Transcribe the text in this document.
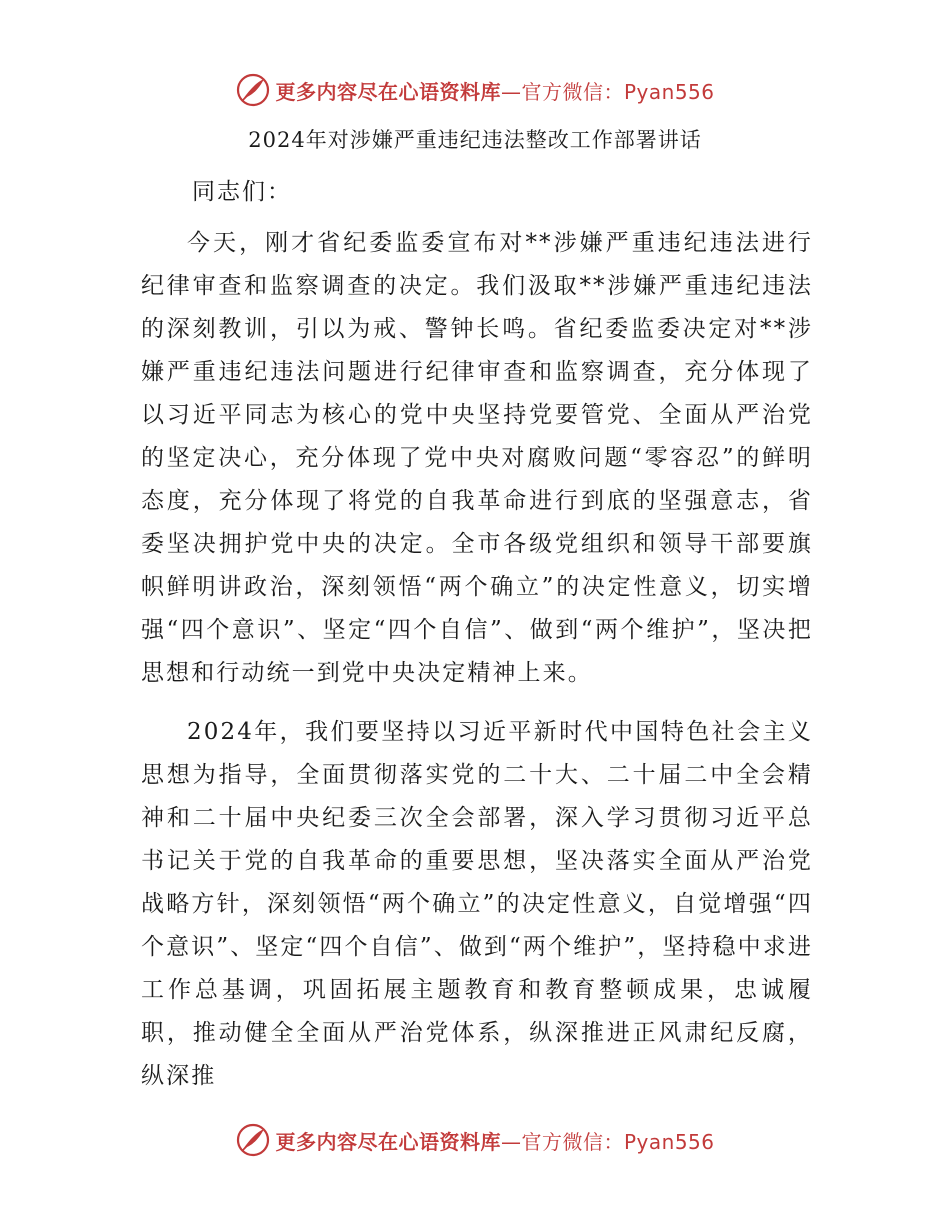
更多内容尽在心语资料库—官方微信：Pyan556
2024年对涉嫌严重违纪违法整改工作部署讲话

同志们：

今天，刚才省纪委监委宣布对**涉嫌严重违纪违法进行纪律审查和监察调查的决定。我们汲取**涉嫌严重违纪违法的深刻教训，引以为戒、警钟长鸣。省纪委监委决定对**涉嫌严重违纪违法问题进行纪律审查和监察调查，充分体现了以习近平同志为核心的党中央坚持党要管党、全面从严治党的坚定决心，充分体现了党中央对腐败问题“零容忍”的鲜明态度，充分体现了将党的自我革命进行到底的坚强意志，省委坚决拥护党中央的决定。全市各级党组织和领导干部要旗帜鲜明讲政治，深刻领悟“两个确立”的决定性意义，切实增强“四个意识”、坚定“四个自信”、做到“两个维护”，坚决把思想和行动统一到党中央决定精神上来。

2024年，我们要坚持以习近平新时代中国特色社会主义思想为指导，全面贯彻落实党的二十大、二十届二中全会精神和二十届中央纪委三次全会部署，深入学习贯彻习近平总书记关于党的自我革命的重要思想，坚决落实全面从严治党战略方针，深刻领悟“两个确立”的决定性意义，自觉增强“四个意识”、坚定“四个自信”、做到“两个维护”，坚持稳中求进工作总基调，巩固拓展主题教育和教育整顿成果，忠诚履职，推动健全全面从严治党体系，纵深推进正风肃纪反腐，纵深推

更多内容尽在心语资料库—官方微信：Pyan556
